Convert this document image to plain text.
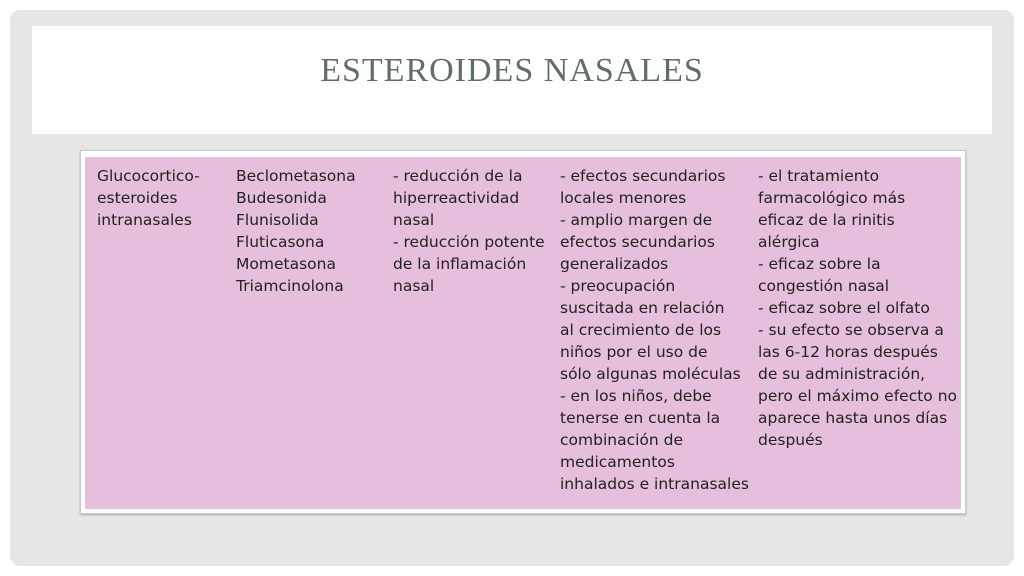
ESTEROIDES NASALES
Glucocortico-
esteroides
intranasales
Beclometasona
Budesonida
Flunisolida
Fluticasona
Mometasona
Triamcinolona
- reducción de la
hiperreactividad
nasal
- reducción potente
de la inflamación
nasal
- efectos secundarios
locales menores
- amplio margen de
efectos secundarios
generalizados
- preocupación
suscitada en relación
al crecimiento de los
niños por el uso de
sólo algunas moléculas
- en los niños, debe
tenerse en cuenta la
combinación de
medicamentos
inhalados e intranasales
- el tratamiento
farmacológico más
eficaz de la rinitis
alérgica
- eficaz sobre la
congestión nasal
- eficaz sobre el olfato
- su efecto se observa a
las 6-12 horas después
de su administración,
pero el máximo efecto no
aparece hasta unos días
después
